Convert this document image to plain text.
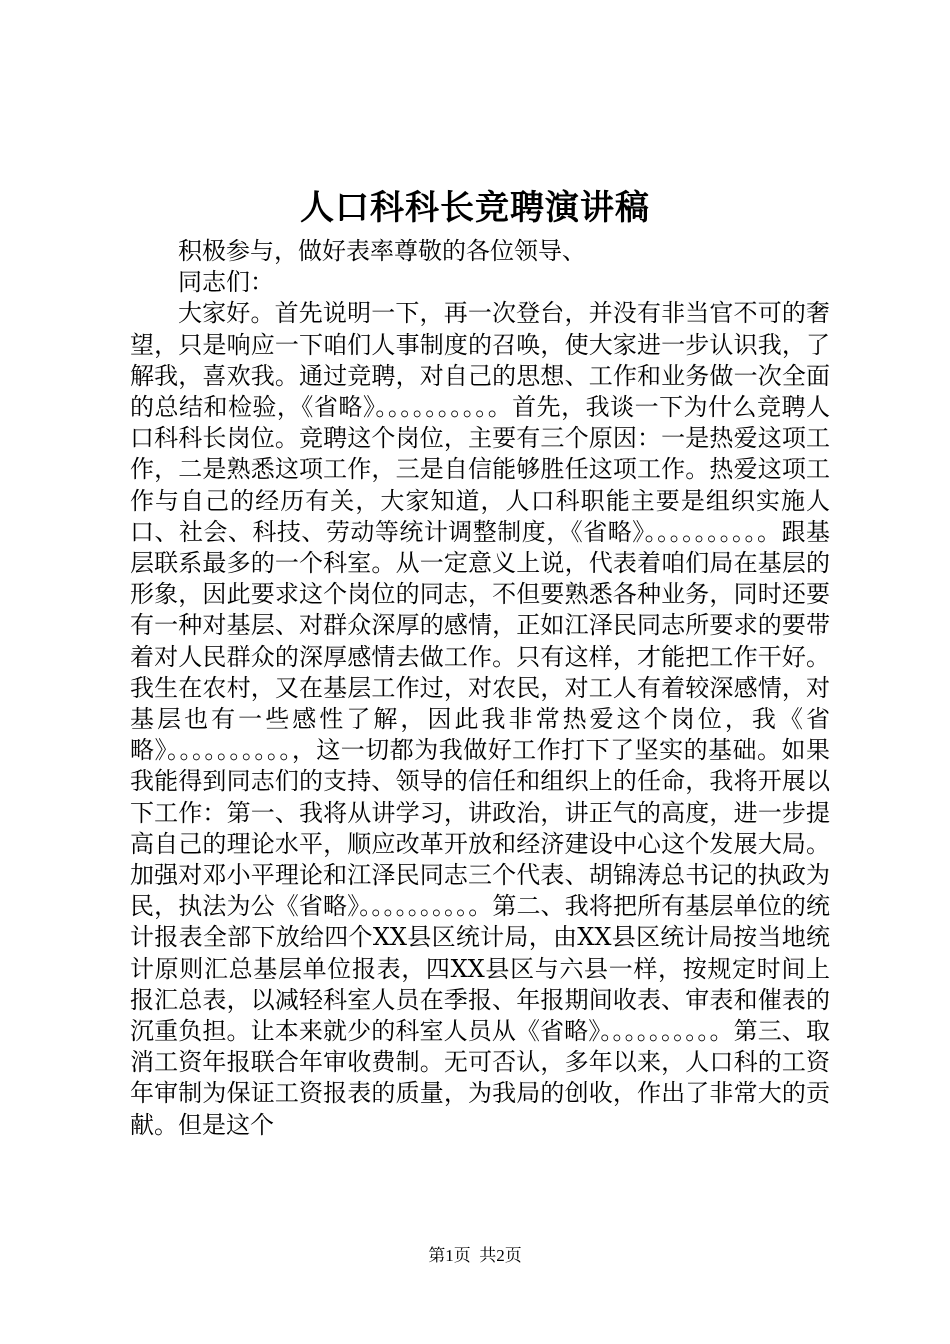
人口科科长竞聘演讲稿

积极参与，做好表率尊敬的各位领导、

同志们：

大家好。首先说明一下，再一次登台，并没有非当官不可的奢望，只是响应一下咱们人事制度的召唤，使大家进一步认识我，了解我，喜欢我。通过竞聘，对自己的思想、工作和业务做一次全面的总结和检验，《省略》。。。。。。。。。。首先，我谈一下为什么竞聘人口科科长岗位。竞聘这个岗位，主要有三个原因：一是热爱这项工作，二是熟悉这项工作，三是自信能够胜任这项工作。热爱这项工作与自己的经历有关，大家知道，人口科职能主要是组织实施人口、社会、科技、劳动等统计调整制度，《省略》。。。。。。。。。。跟基层联系最多的一个科室。从一定意义上说，代表着咱们局在基层的形象，因此要求这个岗位的同志，不但要熟悉各种业务，同时还要有一种对基层、对群众深厚的感情，正如江泽民同志所要求的要带着对人民群众的深厚感情去做工作。只有这样，才能把工作干好。我生在农村，又在基层工作过，对农民，对工人有着较深感情，对基层也有一些感性了解，因此我非常热爱这个岗位，我《省略》。。。。。。。。。。，这一切都为我做好工作打下了坚实的基础。如果我能得到同志们的支持、领导的信任和组织上的任命，我将开展以下工作：第一、我将从讲学习，讲政治，讲正气的高度，进一步提高自己的理论水平，顺应改革开放和经济建设中心这个发展大局。加强对邓小平理论和江泽民同志三个代表、胡锦涛总书记的执政为民，执法为公《省略》。。。。。。。。。。第二、我将把所有基层单位的统计报表全部下放给四个XX县区统计局，由XX县区统计局按当地统计原则汇总基层单位报表，四XX县区与六县一样，按规定时间上报汇总表，以减轻科室人员在季报、年报期间收表、审表和催表的沉重负担。让本来就少的科室人员从《省略》。。。。。。。。。。第三、取消工资年报联合年审收费制。无可否认，多年以来，人口科的工资年审制为保证工资报表的质量，为我局的创收，作出了非常大的贡献。但是这个

第1页 共2页
